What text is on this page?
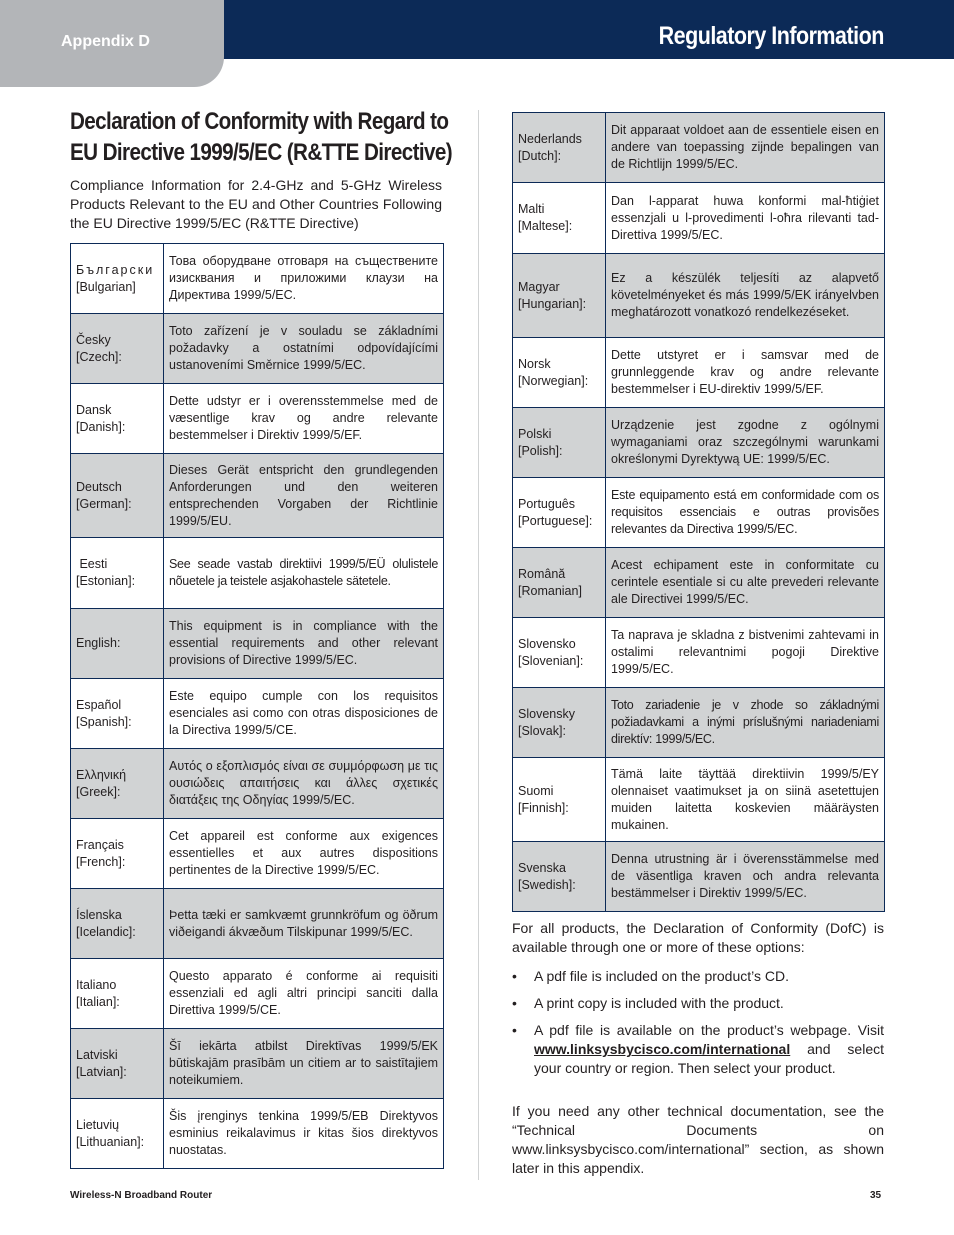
Appendix D	Regulatory Information
Declaration of Conformity with Regard to
EU Directive 1999/5/EC (R&TTE Directive)

Compliance Information for 2.4-GHz and 5-GHz Wireless Products Relevant to the EU and Other Countries Following the EU Directive 1999/5/EC (R&TTE Directive)

Български
[Bulgarian]	Това оборудване отговаря на съществените изисквания и приложими клаузи на Директива 1999/5/ЕС.

Česky
[Czech]:	Toto zařízení je v souladu se základními požadavky a ostatními odpovídajícími ustanoveními Směrnice 1999/5/EC.

Dansk
[Danish]:	Dette udstyr er i overensstemmelse med de væsentlige krav og andre relevante bestemmelser i Direktiv 1999/5/EF.

Deutsch
[German]:	Dieses Gerät entspricht den grundlegenden Anforderungen und den weiteren entsprechenden Vorgaben der Richtlinie 1999/5/EU.

Eesti
[Estonian]:	See seade vastab direktiivi 1999/5/EÜ olulistele nõuetele ja teistele asjakohastele sätetele.

English:	This equipment is in compliance with the essential requirements and other relevant provisions of Directive 1999/5/EC.

Español
[Spanish]:	Este equipo cumple con los requisitos esenciales asi como con otras disposiciones de la Directiva 1999/5/CE.

Ελληνική
[Greek]:	Αυτός ο εξοπλισμός είναι σε συμμόρφωση με τις ουσιώδεις απαιτήσεις και άλλες σχετικές διατάξεις της Οδηγίας 1999/5/EC.

Français
[French]:	Cet appareil est conforme aux exigences essentielles et aux autres dispositions pertinentes de la Directive 1999/5/EC.

Íslenska
[Icelandic]:	Þetta tæki er samkvæmt grunnkröfum og öðrum viðeigandi ákvæðum Tilskipunar 1999/5/EC.

Italiano
[Italian]:	Questo apparato é conforme ai requisiti essenziali ed agli altri principi sanciti dalla Direttiva 1999/5/CE.

Latviski
[Latvian]:	Šī iekārta atbilst Direktīvas 1999/5/EK būtiskajām prasībām un citiem ar to saistītajiem noteikumiem.

Lietuvių
[Lithuanian]:	Šis įrenginys tenkina 1999/5/EB Direktyvos esminius reikalavimus ir kitas šios direktyvos nuostatas.
Nederlands
[Dutch]:	Dit apparaat voldoet aan de essentiele eisen en andere van toepassing zijnde bepalingen van de Richtlijn 1999/5/EC.

Malti
[Maltese]:	Dan l-apparat huwa konformi mal-ħtiġiet essenzjali u l-provedimenti l-oħra rilevanti tad-Direttiva 1999/5/EC.

Magyar
[Hungarian]:	Ez a készülék teljesíti az alapvető követelményeket és más 1999/5/EK irányelvben meghatározott vonatkozó rendelkezéseket.

Norsk
[Norwegian]:	Dette utstyret er i samsvar med de grunnleggende krav og andre relevante bestemmelser i EU-direktiv 1999/5/EF.

Polski
[Polish]:	Urządzenie jest zgodne z ogólnymi wymaganiami oraz szczególnymi warunkami określonymi Dyrektywą UE: 1999/5/EC.

Português
[Portuguese]:	Este equipamento está em conformidade com os requisitos essenciais e outras provisões relevantes da Directiva 1999/5/EC.

Română
[Romanian]	Acest echipament este in conformitate cu cerintele esentiale si cu alte prevederi relevante ale Directivei 1999/5/EC.

Slovensko
[Slovenian]:	Ta naprava je skladna z bistvenimi zahtevami in ostalimi relevantnimi pogoji Direktive 1999/5/EC.

Slovensky
[Slovak]:	Toto zariadenie je v zhode so základnými požiadavkami a inými príslušnými nariadeniami direktív: 1999/5/EC.

Suomi
[Finnish]:	Tämä laite täyttää direktiivin 1999/5/EY olennaiset vaatimukset ja on siinä asetettujen muiden laitetta koskevien määräysten mukainen.

Svenska
[Swedish]:	Denna utrustning är i överensstämmelse med de väsentliga kraven och andra relevanta bestämmelser i Direktiv 1999/5/EC.

For all products, the Declaration of Conformity (DofC) is available through one or more of these options:

• A pdf file is included on the product’s CD.
• A print copy is included with the product.
• A pdf file is available on the product’s webpage. Visit www.linksysbycisco.com/international and select your country or region. Then select your product.

If you need any other technical documentation, see the “Technical Documents on www.linksysbycisco.com/international” section, as shown later in this appendix.

Wireless-N Broadband Router	35
